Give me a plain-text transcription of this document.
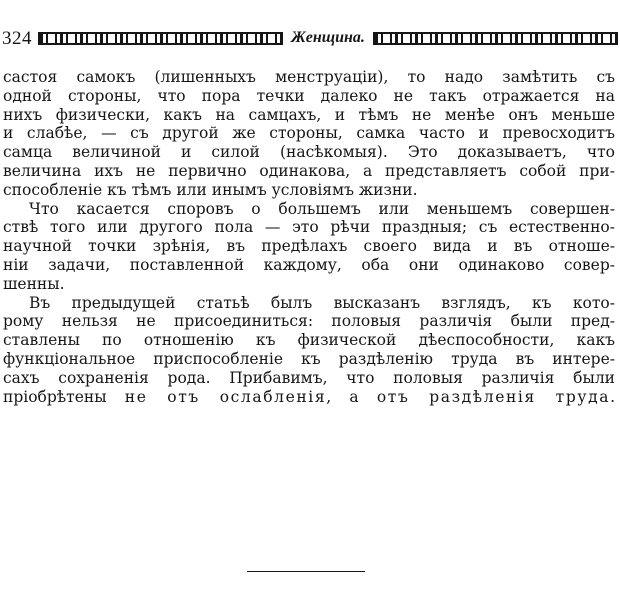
324	Женщина.
састоя самокъ (лишенныхъ менструацiи), то надо замѣтить съ
одной стороны, что пора течки далеко не такъ отражается на
нихъ физически, какъ на самцахъ, и тѣмъ не менѣе онъ меньше
и слабѣе, — съ другой же стороны, самка часто и превосходитъ
самца величиной и силой (насѣкомыя). Это доказываетъ, что
величина ихъ не первично одинакова, а представляетъ собой при-
способленiе къ тѣмъ или инымъ условiямъ жизни.
Что касается споровъ о большемъ или меньшемъ совершен-
ствѣ того или другого пола — это рѣчи праздныя; съ естественно-
научной точки зрѣнiя, въ предѣлахъ своего вида и въ отноше-
нiи задачи, поставленной каждому, оба они одинаково совер-
шенны.
Въ предыдущей статьѣ былъ высказанъ взглядъ, къ кото-
рому нельзя не присоединиться: половыя различiя были пред-
ставлены по отношенiю къ физической дѣеспособности, какъ
функцiональное приспособленiе къ раздѣленiю труда въ интере-
сахъ сохраненiя рода. Прибавимъ, что половыя различiя были
прiобрѣтены не отъ ослабленiя, а отъ раздѣленiя труда.
